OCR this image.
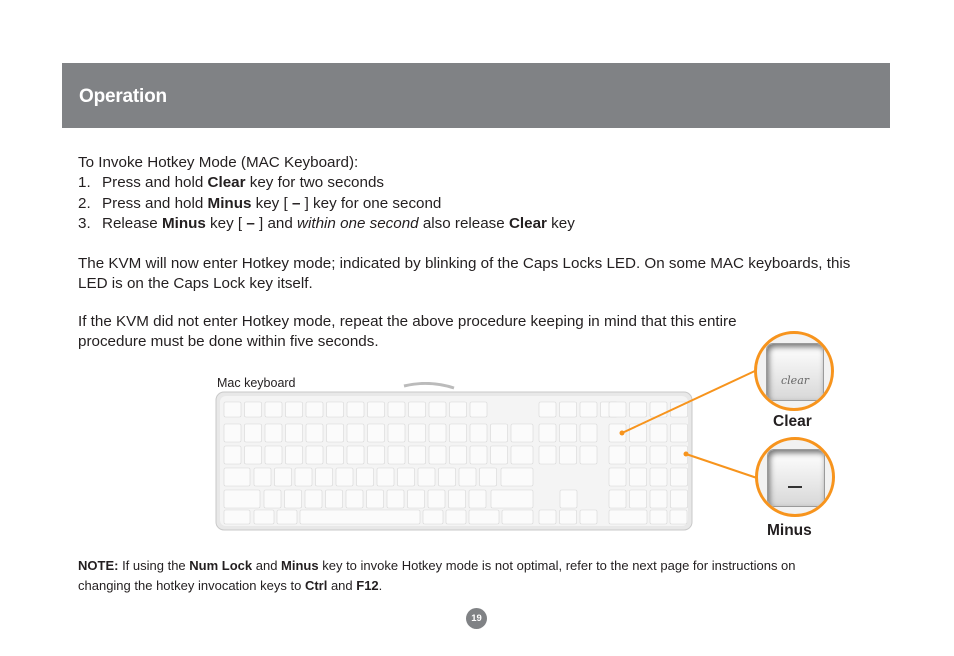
Operation
To Invoke Hotkey Mode (MAC Keyboard):
1. Press and hold Clear key for two seconds
2. Press and hold Minus key [ – ] key for one second
3. Release Minus key [ – ] and within one second also release Clear key
The KVM will now enter Hotkey mode; indicated by blinking of the Caps Locks LED. On some MAC keyboards, this LED is on the Caps Lock key itself.
If the KVM did not enter Hotkey mode, repeat the above procedure keeping in mind that this entire procedure must be done within five seconds.
Mac keyboard	clear
Clear
Minus
NOTE: If using the Num Lock and Minus key to invoke Hotkey mode is not optimal, refer to the next page for instructions on changing the hotkey invocation keys to Ctrl and F12.
19
